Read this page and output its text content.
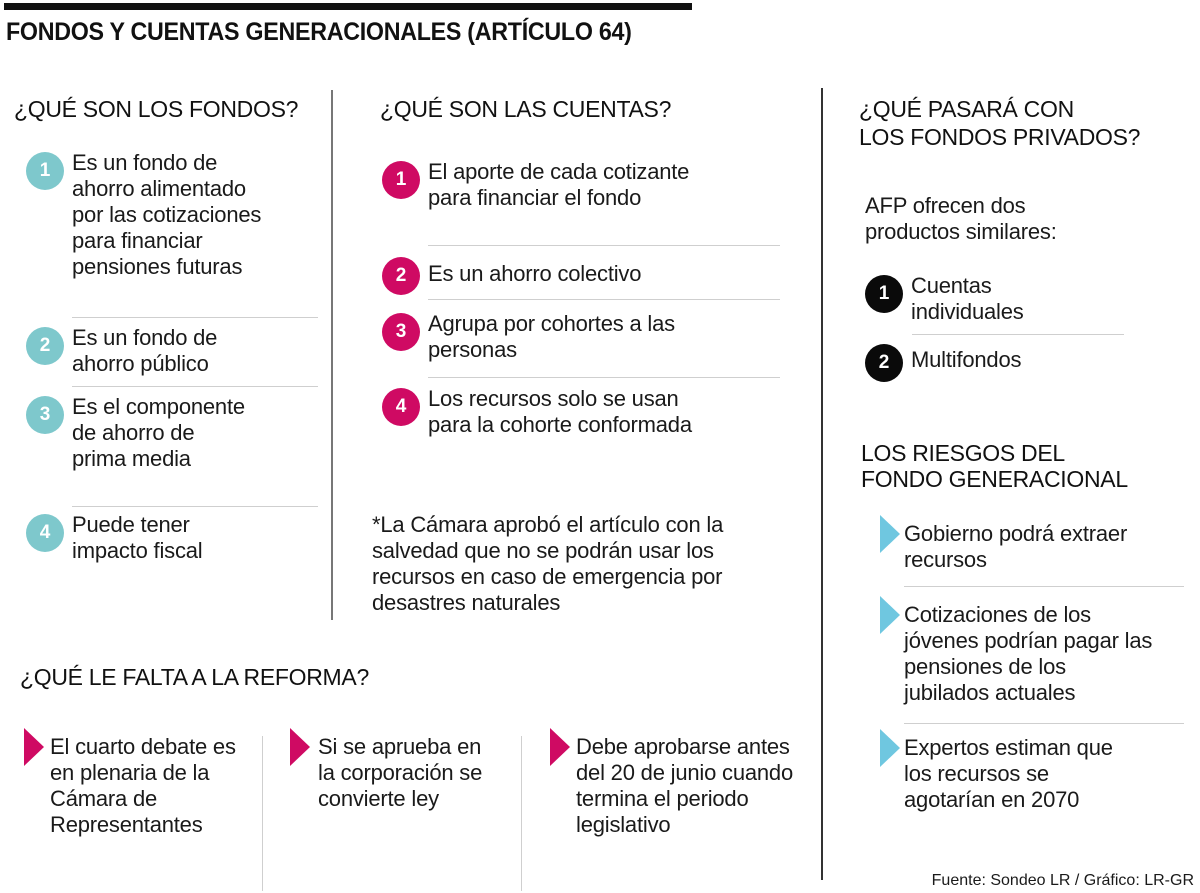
FONDOS Y CUENTAS GENERACIONALES (ARTÍCULO 64)
¿QUÉ SON LOS FONDOS?
1 Es un fondo de ahorro alimentado por las cotizaciones para financiar pensiones futuras
2 Es un fondo de ahorro público
3 Es el componente de ahorro de prima media
4 Puede tener impacto fiscal
¿QUÉ SON LAS CUENTAS?
1 El aporte de cada cotizante para financiar el fondo
2 Es un ahorro colectivo
3 Agrupa por cohortes a las personas
4 Los recursos solo se usan para la cohorte conformada
*La Cámara aprobó el artículo con la salvedad que no se podrán usar los recursos en caso de emergencia por desastres naturales
¿QUÉ PASARÁ CON
LOS FONDOS PRIVADOS?
AFP ofrecen dos productos similares:
1 Cuentas individuales
2 Multifondos
LOS RIESGOS DEL
FONDO GENERACIONAL
Gobierno podrá extraer recursos
Cotizaciones de los jóvenes podrían pagar las pensiones de los jubilados actuales
Expertos estiman que los recursos se agotarían en 2070
¿QUÉ LE FALTA A LA REFORMA?
El cuarto debate es en plenaria de la Cámara de Representantes
Si se aprueba en la corporación se convierte ley
Debe aprobarse antes del 20 de junio cuando termina el periodo legislativo
Fuente: Sondeo LR / Gráfico: LR-GR
